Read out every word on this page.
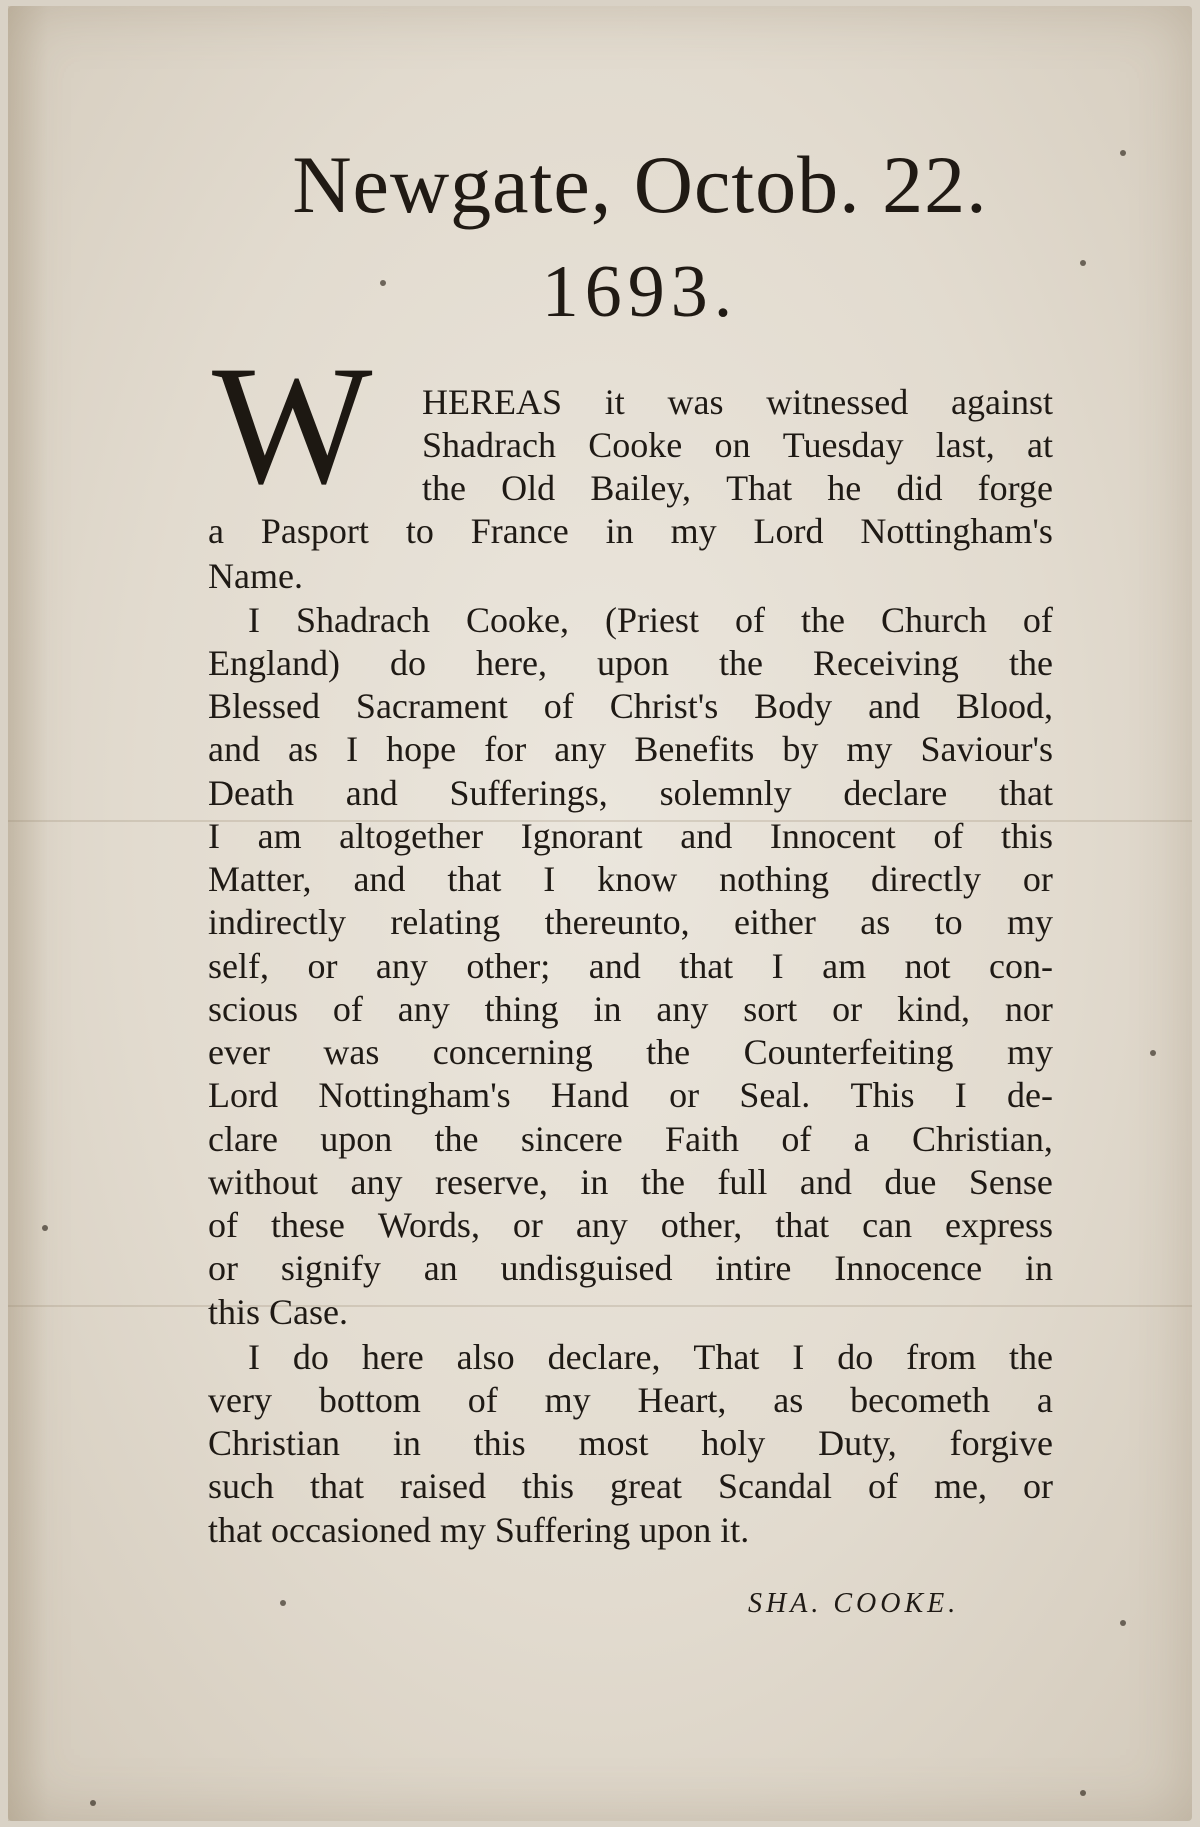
Newgate, Octob. 22.
1693.
W HEREAS it was witnessed against
Shadrach Cooke on Tuesday last, at
the Old Bailey, That he did forge
a Pasport to France in my Lord Nottingham's
Name.
I Shadrach Cooke, (Priest of the Church of
England) do here, upon the Receiving the
Blessed Sacrament of Christ's Body and Blood,
and as I hope for any Benefits by my Saviour's
Death and Sufferings, solemnly declare that
I am altogether Ignorant and Innocent of this
Matter, and that I know nothing directly or
indirectly relating thereunto, either as to my
self, or any other; and that I am not con-
scious of any thing in any sort or kind, nor
ever was concerning the Counterfeiting my
Lord Nottingham's Hand or Seal. This I de-
clare upon the sincere Faith of a Christian,
without any reserve, in the full and due Sense
of these Words, or any other, that can express
or signify an undisguised intire Innocence in
this Case.
I do here also declare, That I do from the
very bottom of my Heart, as becometh a
Christian in this most holy Duty, forgive
such that raised this great Scandal of me, or
that occasioned my Suffering upon it.
SHA. COOKE.
